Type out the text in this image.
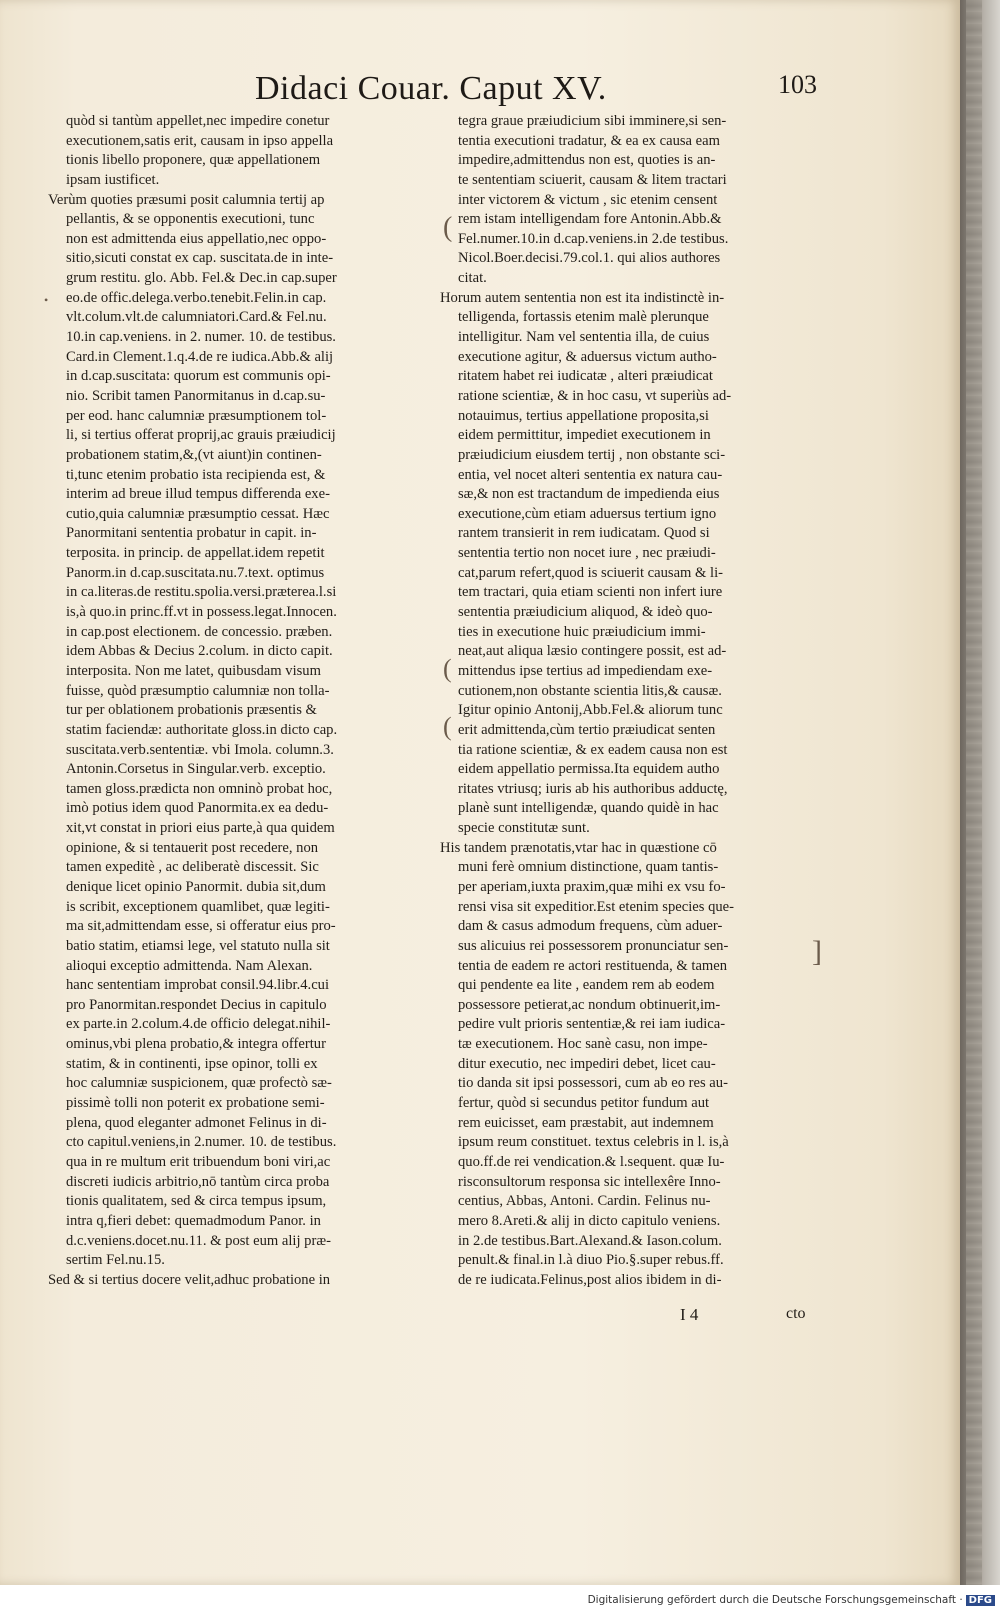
Didaci Couar. Caput XV.	103
quòd si tantùm appellet,nec impedire conetur
executionem,satis erit, causam in ipso appella
tionis libello proponere, quæ appellationem
ipsam iustificet.
Verùm quoties præsumi posit calumnia tertij ap
pellantis, & se opponentis executioni, tunc
non est admittenda eius appellatio,nec oppo-
sitio,sicuti constat ex cap. suscitata.de in inte-
grum restitu. glo. Abb. Fel.& Dec.in cap.super
eo.de offic.delega.verbo.tenebit.Felin.in cap.
vlt.colum.vlt.de calumniatori.Card.& Fel.nu.
10.in cap.veniens. in 2. numer. 10. de testibus.
Card.in Clement.1.q.4.de re iudica.Abb.& alij
in d.cap.suscitata: quorum est communis opi-
nio. Scribit tamen Panormitanus in d.cap.su-
per eod. hanc calumniæ præsumptionem tol-
li, si tertius offerat proprij,ac grauis præiudicij
probationem statim,&,(vt aiunt)in continen-
ti,tunc etenim probatio ista recipienda est, &
interim ad breue illud tempus differenda exe-
cutio,quia calumniæ præsumptio cessat. Hæc
Panormitani sententia probatur in capit. in-
terposita. in princip. de appellat.idem repetit
Panorm.in d.cap.suscitata.nu.7.text. optimus
in ca.literas.de restitu.spolia.versi.præterea.l.si
is,à quo.in princ.ff.vt in possess.legat.Innocen.
in cap.post electionem. de concessio. præben.
idem Abbas & Decius 2.colum. in dicto capit.
interposita. Non me latet, quibusdam visum
fuisse, quòd præsumptio calumniæ non tolla-
tur per oblationem probationis præsentis &
statim faciendæ: authoritate gloss.in dicto cap.
suscitata.verb.sententiæ. vbi Imola. column.3.
Antonin.Corsetus in Singular.verb. exceptio.
tamen gloss.prædicta non omninò probat hoc,
imò potius idem quod Panormita.ex ea dedu-
xit,vt constat in priori eius parte,à qua quidem
opinione, & si tentauerit post recedere, non
tamen expeditè , ac deliberatè discessit. Sic
denique licet opinio Panormit. dubia sit,dum
is scribit, exceptionem quamlibet, quæ legiti-
ma sit,admittendam esse, si offeratur eius pro-
batio statim, etiamsi lege, vel statuto nulla sit
alioqui exceptio admittenda. Nam Alexan.
hanc sententiam improbat consil.94.libr.4.cui
pro Panormitan.respondet Decius in capitulo
ex parte.in 2.colum.4.de officio delegat.nihil-
ominus,vbi plena probatio,& integra offertur
statim, & in continenti, ipse opinor, tolli ex
hoc calumniæ suspicionem, quæ profectò sæ-
pissimè tolli non poterit ex probatione semi-
plena, quod eleganter admonet Felinus in di-
cto capitul.veniens,in 2.numer. 10. de testibus.
qua in re multum erit tribuendum boni viri,ac
discreti iudicis arbitrio,nō tantùm circa proba
tionis qualitatem, sed & circa tempus ipsum,
intra q,fieri debet: quemadmodum Panor. in
d.c.veniens.docet.nu.11. & post eum alij præ-
sertim Fel.nu.15.
Sed & si tertius docere velit,adhuc probatione in
tegra graue præiudicium sibi imminere,si sen-
tentia executioni tradatur, & ea ex causa eam
impedire,admittendus non est, quoties is an-
te sententiam sciuerit, causam & litem tractari
inter victorem & victum , sic etenim censent
rem istam intelligendam fore Antonin.Abb.&
Fel.numer.10.in d.cap.veniens.in 2.de testibus.
Nicol.Boer.decisi.79.col.1. qui alios authores
citat.
Horum autem sententia non est ita indistinctè in-
telligenda, fortassis etenim malè plerunque
intelligitur. Nam vel sententia illa, de cuius
executione agitur, & aduersus victum autho-
ritatem habet rei iudicatæ , alteri præiudicat
ratione scientiæ, & in hoc casu, vt superiùs ad-
notauimus, tertius appellatione proposita,si
eidem permittitur, impediet executionem in
præiudicium eiusdem tertij , non obstante sci-
entia, vel nocet alteri sententia ex natura cau-
sæ,& non est tractandum de impedienda eius
executione,cùm etiam aduersus tertium igno
rantem transierit in rem iudicatam. Quod si
sententia tertio non nocet iure , nec præiudi-
cat,parum refert,quod is sciuerit causam & li-
tem tractari, quia etiam scienti non infert iure
sententia præiudicium aliquod, & ideò quo-
ties in executione huic præiudicium immi-
neat,aut aliqua læsio contingere possit, est ad-
mittendus ipse tertius ad impediendam exe-
cutionem,non obstante scientia litis,& causæ.
Igitur opinio Antonij,Abb.Fel.& aliorum tunc
erit admittenda,cùm tertio præiudicat senten
tia ratione scientiæ, & ex eadem causa non est
eidem appellatio permissa.Ita equidem autho
ritates vtriusq; iuris ab his authoribus adductę,
planè sunt intelligendæ, quando quidè in hac
specie constitutæ sunt.
His tandem prænotatis,vtar hac in quæstione cō
muni ferè omnium distinctione, quam tantis-
per aperiam,iuxta praxim,quæ mihi ex vsu fo-
rensi visa sit expeditior.Est etenim species que-
dam & casus admodum frequens, cùm aduer-
sus alicuius rei possessorem pronunciatur sen-
tentia de eadem re actori restituenda, & tamen
qui pendente ea lite , eandem rem ab eodem
possessore petierat,ac nondum obtinuerit,im-
pedire vult prioris sententiæ,& rei iam iudica-
tæ executionem. Hoc sanè casu, non impe-
ditur executio, nec impediri debet, licet cau-
tio danda sit ipsi possessori, cum ab eo res au-
fertur, quòd si secundus petitor fundum aut
rem euicisset, eam præstabit, aut indemnem
ipsum reum constituet. textus celebris in l. is,à
quo.ff.de rei vendication.& l.sequent. quæ Iu-
risconsultorum responsa sic intellexêre Inno-
centius, Abbas, Antoni. Cardin. Felinus nu-
mero 8.Areti.& alij in dicto capitulo veniens.
in 2.de testibus.Bart.Alexand.& Iason.colum.
penult.& final.in l.à diuo Pio.§.super rebus.ff.
de re iudicata.Felinus,post alios ibidem in di-
•
(
(
(
]
I 4	cto
Digitalisierung gefördert durch die Deutsche Forschungsgemeinschaft · DFG
